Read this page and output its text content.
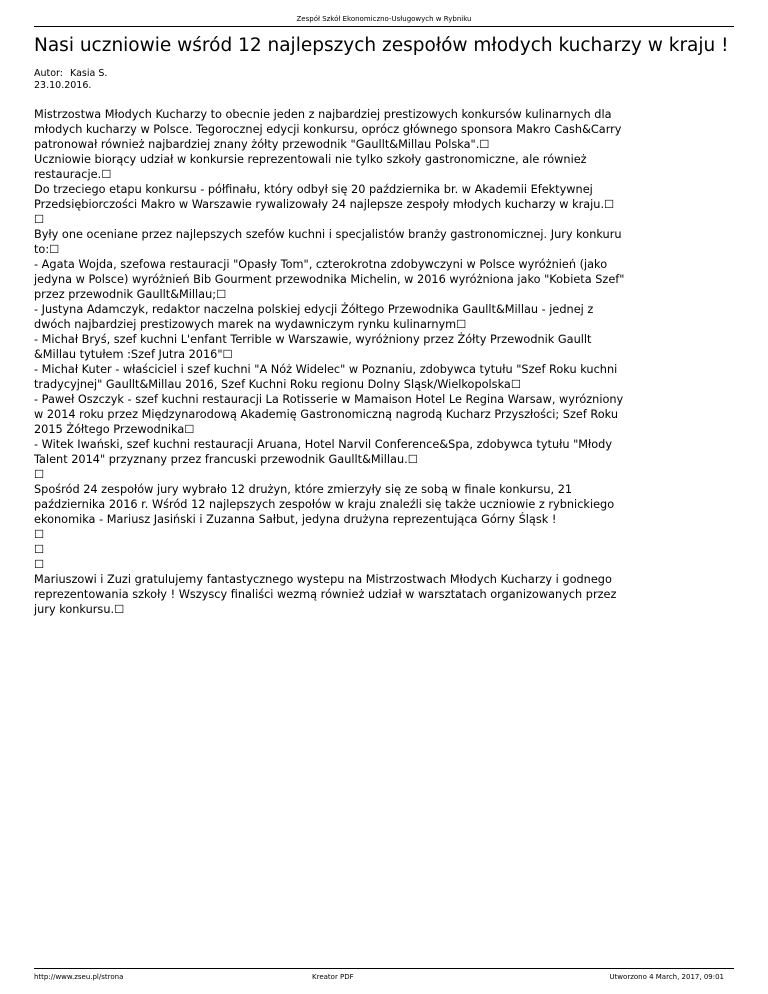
Zespół Szkół Ekonomiczno-Usługowych w Rybniku
Nasi uczniowie wśród 12 najlepszych zespołów młodych kucharzy w kraju !
Autor: Kasia S.
23.10.2016.
Mistrzostwa Młodych Kucharzy to obecnie jeden z najbardziej prestizowych konkursów kulinarnych dla
młodych kucharzy w Polsce. Tegorocznej edycji konkursu, oprócz głównego sponsora Makro Cash&Carry
patronował również najbardziej znany żółty przewodnik "Gaullt&Millau Polska".☐
Uczniowie biorący udział w konkursie reprezentowali nie tylko szkoły gastronomiczne, ale również
restauracje.☐
Do trzeciego etapu konkursu - półfinału, który odbył się 20 października br. w Akademii Efektywnej
Przedsiębiorczości Makro w Warszawie rywalizowały 24 najlepsze zespoły młodych kucharzy w kraju.☐
☐
Były one oceniane przez najlepszych szefów kuchni i specjalistów branży gastronomicznej. Jury konkuru
to:☐
- Agata Wojda, szefowa restauracji "Opasły Tom", czterokrotna zdobywczyni w Polsce wyróżnień (jako
jedyna w Polsce) wyróżnień Bib Gourment przewodnika Michelin, w 2016 wyróżniona jako "Kobieta Szef"
przez przewodnik Gaullt&Millau;☐
- Justyna Adamczyk, redaktor naczelna polskiej edycji Żółtego Przewodnika Gaullt&Millau - jednej z
dwóch najbardziej prestizowych marek na wydawniczym rynku kulinarnym☐
- Michał Bryś, szef kuchni L'enfant Terrible w Warszawie, wyróżniony przez Żółty Przewodnik Gaullt
&Millau tytułem :Szef Jutra 2016"☐
- Michał Kuter - właściciel i szef kuchni "A Nóż Widelec" w Poznaniu, zdobywca tytułu "Szef Roku kuchni
tradycyjnej" Gaullt&Millau 2016, Szef Kuchni Roku regionu Dolny Sląsk/Wielkopolska☐
- Paweł Oszczyk - szef kuchni restauracji La Rotisserie w Mamaison Hotel Le Regina Warsaw, wyrózniony
w 2014 roku przez Międzynarodową Akademię Gastronomiczną nagrodą Kucharz Przyszłości; Szef Roku
2015 Żółtego Przewodnika☐
- Witek Iwański, szef kuchni restauracji Aruana, Hotel Narvil Conference&Spa, zdobywca tytułu "Młody
Talent 2014" przyznany przez francuski przewodnik Gaullt&Millau.☐
☐
Spośród 24 zespołów jury wybrało 12 drużyn, które zmierzyły się ze sobą w finale konkursu, 21
października 2016 r. Wśród 12 najlepszych zespołów w kraju znaleźli się także uczniowie z rybnickiego
ekonomika - Mariusz Jasiński i Zuzanna Sałbut, jedyna drużyna reprezentująca Górny Śląsk !
☐
☐
☐
Mariuszowi i Zuzi gratulujemy fantastycznego wystepu na Mistrzostwach Młodych Kucharzy i godnego
reprezentowania szkoły ! Wszyscy finaliści wezmą również udział w warsztatach organizowanych przez
jury konkursu.☐
http://www.zseu.pl/strona	Kreator PDF	Utworzono 4 March, 2017, 09:01
